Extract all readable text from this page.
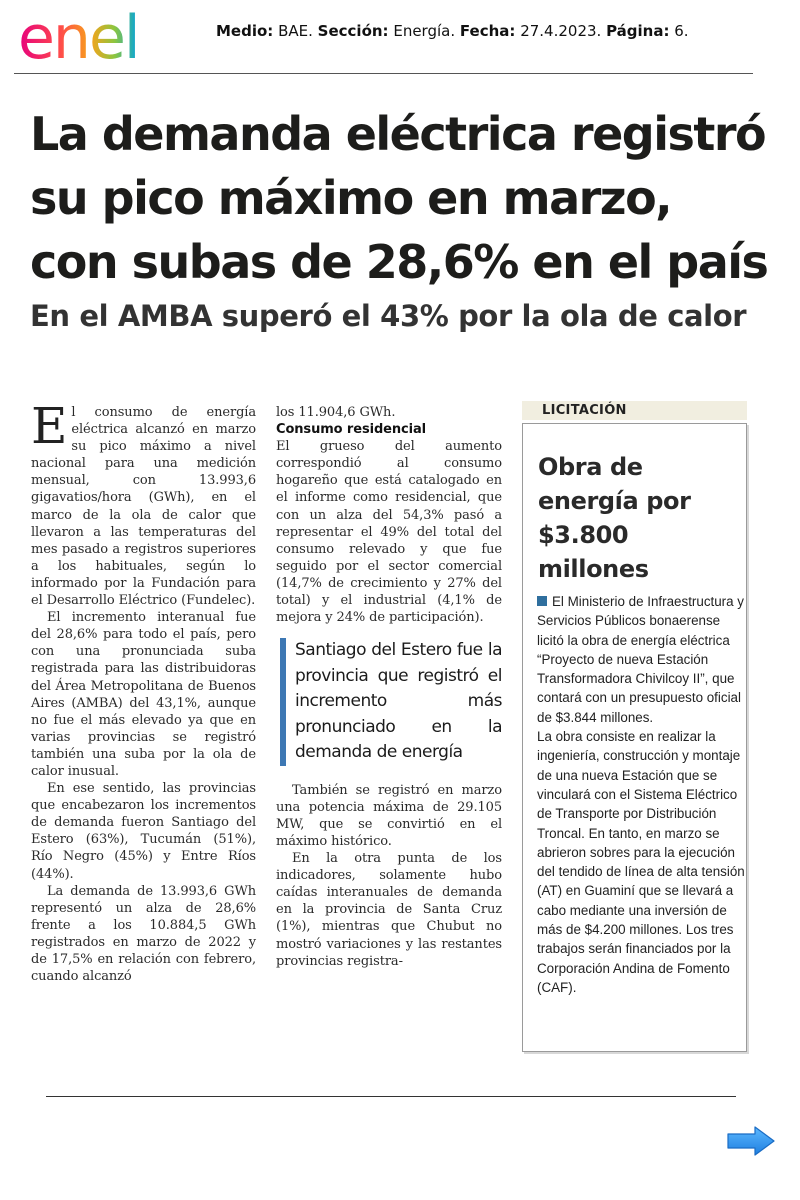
enel	Medio: BAE. Sección: Energía. Fecha: 27.4.2023. Página: 6.
La demanda eléctrica registró su pico máximo en marzo, con subas de 28,6% en el país
En el AMBA superó el 43% por la ola de calor

El consumo de energía eléctrica alcanzó en marzo su pico máximo a nivel nacional para una medición mensual, con 13.993,6 gigavatios/hora (GWh), en el marco de la ola de calor que llevaron a las temperaturas del mes pasado a registros superiores a los habituales, según lo informado por la Fundación para el Desarrollo Eléctrico (Fundelec).

El incremento interanual fue del 28,6% para todo el país, pero con una pronunciada suba registrada para las distribuidoras del Área Metropolitana de Buenos Aires (AMBA) del 43,1%, aunque no fue el más elevado ya que en varias provincias se registró también una suba por la ola de calor inusual.

En ese sentido, las provincias que encabezaron los incrementos de demanda fueron Santiago del Estero (63%), Tucumán (51%), Río Negro (45%) y Entre Ríos (44%).

La demanda de 13.993,6 GWh representó un alza de 28,6% frente a los 10.884,5 GWh registrados en marzo de 2022 y de 17,5% en relación con febrero, cuando alcanzó

los 11.904,6 GWh.

Consumo residencial

El grueso del aumento correspondió al consumo hogareño que está catalogado en el informe como residencial, que con un alza del 54,3% pasó a representar el 49% del total del consumo relevado y que fue seguido por el sector comercial (14,7% de crecimiento y 27% del total) y el industrial (4,1% de mejora y 24% de participación).

Santiago del Estero fue la provincia que registró el incremento más pronunciado en la demanda de energía

También se registró en marzo una potencia máxima de 29.105 MW, que se convirtió en el máximo histórico.

En la otra punta de los indicadores, solamente hubo caídas interanuales de demanda en la provincia de Santa Cruz (1%), mientras que Chubut no mostró variaciones y las restantes provincias registra-

LICITACIÓN
Obra de energía por $3.800 millones

El Ministerio de Infraestructura y Servicios Públicos bonaerense licitó la obra de energía eléctrica “Proyecto de nueva Estación Transformadora Chivilcoy II”, que contará con un presupuesto oficial de $3.844 millones.

La obra consiste en realizar la ingeniería, construcción y montaje de una nueva Estación que se vinculará con el Sistema Eléctrico de Transporte por Distribución Troncal. En tanto, en marzo se abrieron sobres para la ejecución del tendido de línea de alta tensión (AT) en Guaminí que se llevará a cabo mediante una inversión de más de $4.200 millones. Los tres trabajos serán financiados por la Corporación Andina de Fomento (CAF).
